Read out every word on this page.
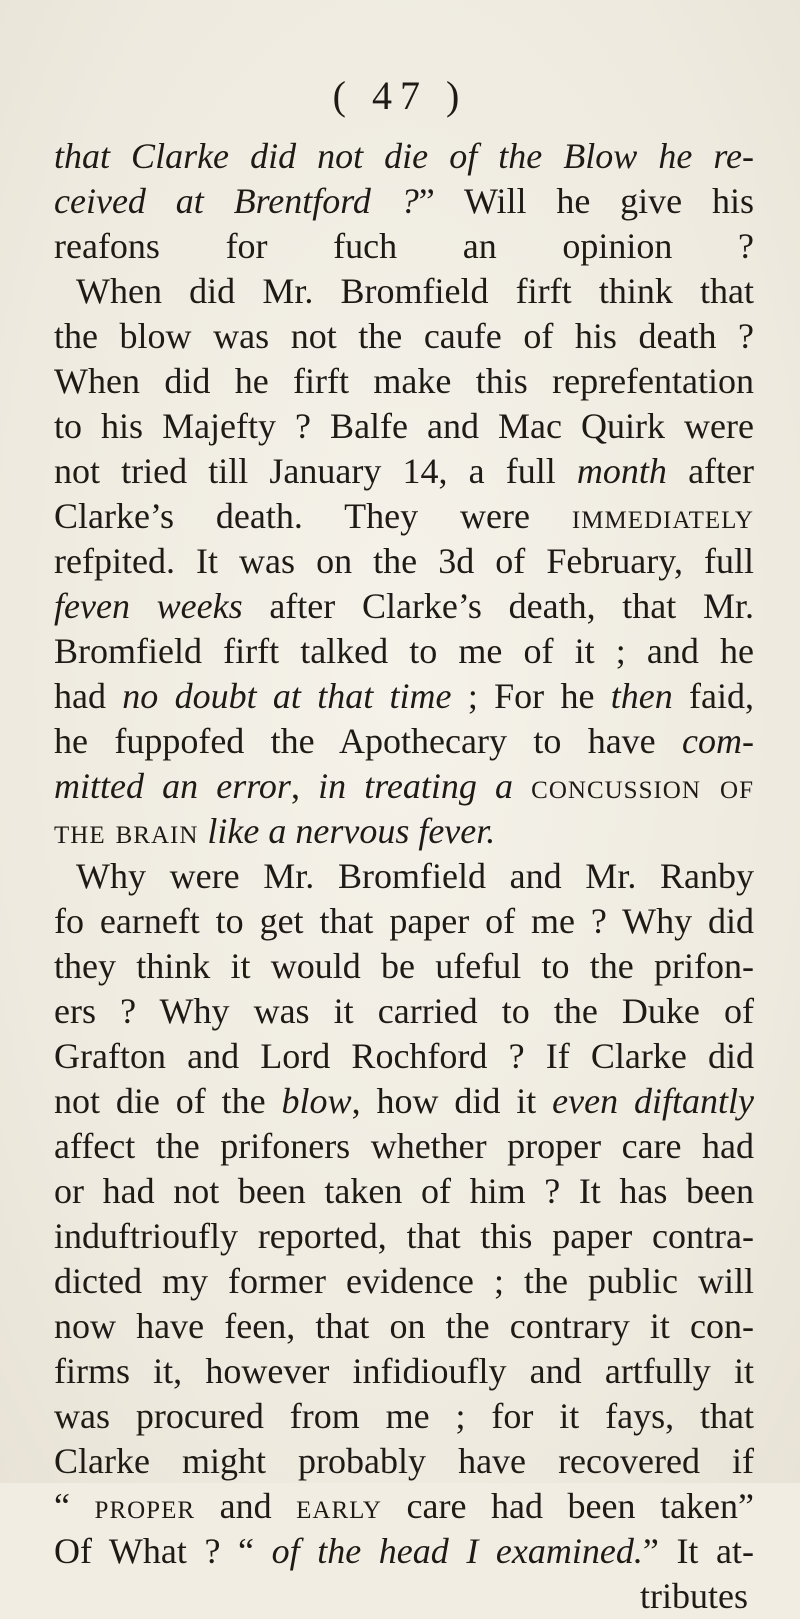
( 47 )
that Clarke did not die of the Blow he re-
ceived at Brentford ?” Will he give his
reafons for fuch an opinion ?
When did Mr. Bromfield firft think that
the blow was not the caufe of his death ?
When did he firft make this reprefentation
to his Majefty ? Balfe and Mac Quirk were
not tried till January 14, a full month after
Clarke’s death. They were immediately
refpited. It was on the 3d of February, full
feven weeks after Clarke’s death, that Mr.
Bromfield firft talked to me of it ; and he
had no doubt at that time ; For he then faid,
he fuppofed the Apothecary to have com-
mitted an error, in treating a concussion of
the brain like a nervous fever.
Why were Mr. Bromfield and Mr. Ranby
fo earneft to get that paper of me ? Why did
they think it would be ufeful to the prifon-
ers ? Why was it carried to the Duke of
Grafton and Lord Rochford ? If Clarke did
not die of the blow, how did it even diftantly
affect the prifoners whether proper care had
or had not been taken of him ? It has been
induftrioufly reported, that this paper contra-
dicted my former evidence ; the public will
now have feen, that on the contrary it con-
firms it, however infidioufly and artfully it
was procured from me ; for it fays, that
Clarke might probably have recovered if
“ proper and early care had been taken”
Of What ? “ of the head I examined.” It at-
tributes
